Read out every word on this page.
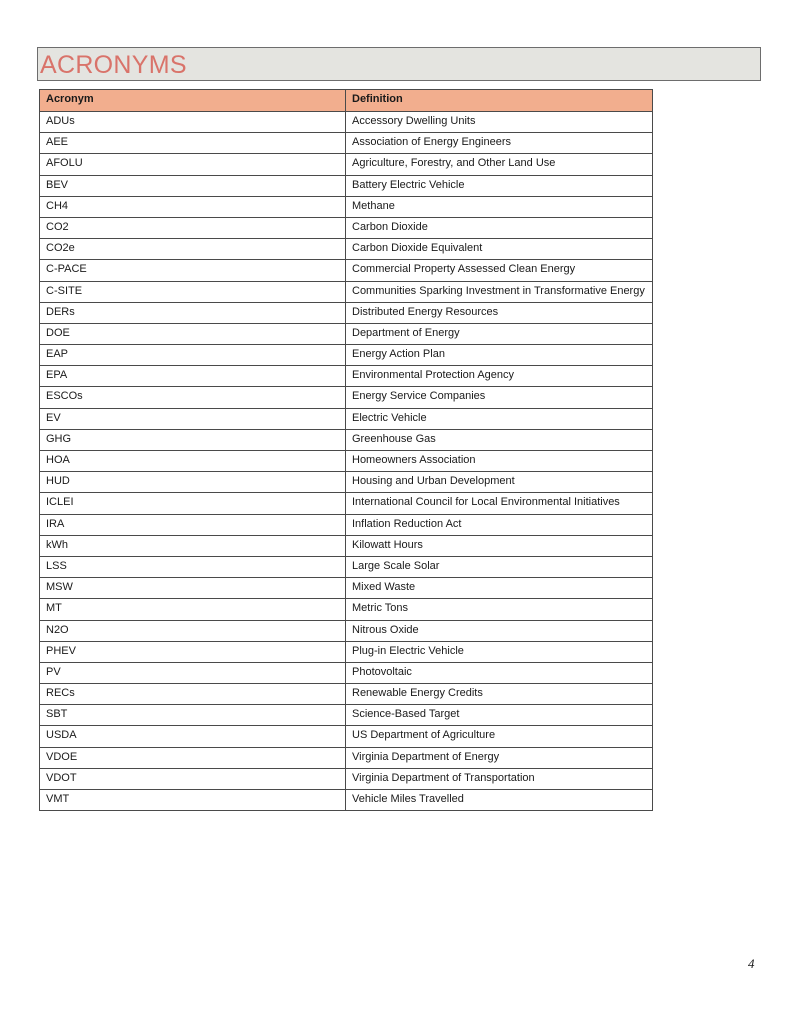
ACRONYMS
Acronym	Definition
ADUs	Accessory Dwelling Units
AEE	Association of Energy Engineers
AFOLU	Agriculture, Forestry, and Other Land Use
BEV	Battery Electric Vehicle
CH4	Methane
CO2	Carbon Dioxide
CO2e	Carbon Dioxide Equivalent
C-PACE	Commercial Property Assessed Clean Energy
C-SITE	Communities Sparking Investment in Transformative Energy
DERs	Distributed Energy Resources
DOE	Department of Energy
EAP	Energy Action Plan
EPA	Environmental Protection Agency
ESCOs	Energy Service Companies
EV	Electric Vehicle
GHG	Greenhouse Gas
HOA	Homeowners Association
HUD	Housing and Urban Development
ICLEI	International Council for Local Environmental Initiatives
IRA	Inflation Reduction Act
kWh	Kilowatt Hours
LSS	Large Scale Solar
MSW	Mixed Waste
MT	Metric Tons
N2O	Nitrous Oxide
PHEV	Plug-in Electric Vehicle
PV	Photovoltaic
RECs	Renewable Energy Credits
SBT	Science-Based Target
USDA	US Department of Agriculture
VDOE	Virginia Department of Energy
VDOT	Virginia Department of Transportation
VMT	Vehicle Miles Travelled
4
